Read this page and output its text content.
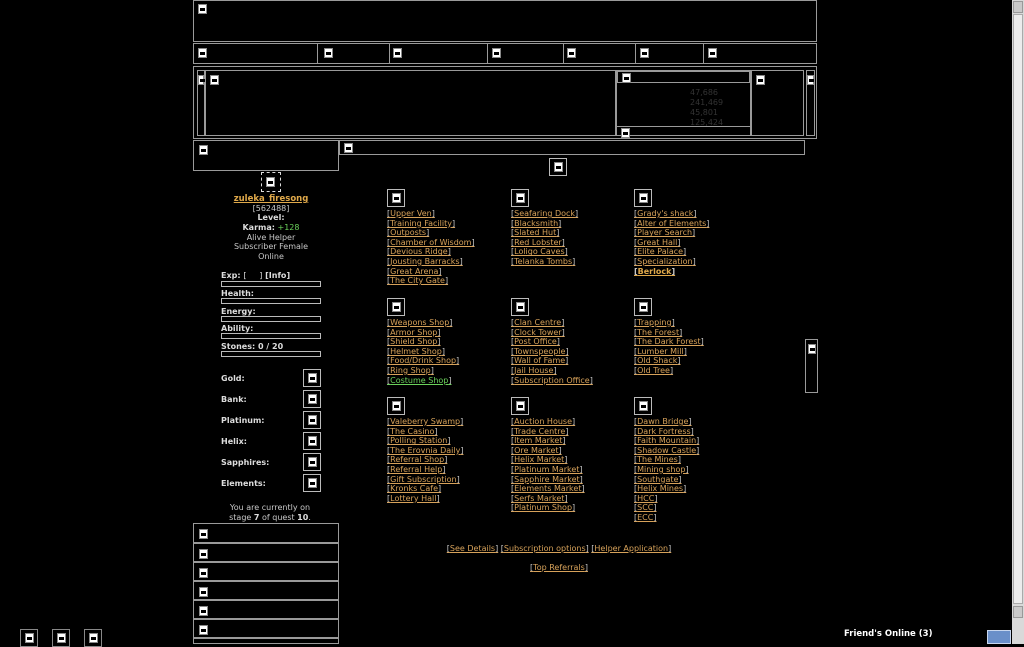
47,686
241,469
45,801
125,424
zuleka_firesong
[562488]
Level:
Karma: +128
Alive Helper
Subscriber Female
Online
Exp: [     ] [Info]
Health:
Energy:
Ability:
Stones: 0 / 20
Gold:
Bank:
Platinum:
Helix:
Sapphires:
Elements:
You are currently on stage 7 of quest 10.
[ Upper Ven ]
[ Training Facility ]
[ Outposts ]
[ Chamber of Wisdom ]
[ Devious Ridge ]
[ Jousting Barracks ]
[ Great Arena ]
[ The City Gate ]
[ Seafaring Dock ]
[ Blacksmith ]
[ Slated Hut ]
[ Red Lobster ]
[ Loligo Caves ]
[ Telanka Tombs ]
[ Grady's shack ]
[ Alter of Elements ]
[ Player Search ]
[ Great Hall ]
[ Elite Palace ]
[ Specialization ]
[ Berlock ]
[ Weapons Shop ]
[ Armor Shop ]
[ Shield Shop ]
[ Helmet Shop ]
[ Food/Drink Shop ]
[ Ring Shop ]
[ Costume Shop ]
[ Clan Centre ]
[ Clock Tower ]
[ Post Office ]
[ Townspeople ]
[ Wall of Fame ]
[ Jail House ]
[ Subscription Office ]
[ Trapping ]
[ The Forest ]
[ The Dark Forest ]
[ Lumber Mill ]
[ Old Shack ]
[ Old Tree ]
[ Valeberry Swamp ]
[ The Casino ]
[ Polling Station ]
[ The Erovnia Daily ]
[ Referral Shop ]
[ Referral Help ]
[ Gift Subscription ]
[ Kronks Cafe ]
[ Lottery Hall ]
[ Auction House ]
[ Trade Centre ]
[ Item Market ]
[ Ore Market ]
[ Helix Market ]
[ Platinum Market ]
[ Sapphire Market ]
[ Elements Market ]
[ Serfs Market ]
[ Platinum Shop ]
[ Dawn Bridge ]
[ Dark Fortress ]
[ Faith Mountain ]
[ Shadow Castle ]
[ The Mines ]
[ Mining shop ]
[ Southgate ]
[ Helix Mines ]
[ HCC ]
[ SCC ]
[ ECC ]
[ See Details ] [ Subscription options ] [ Helper Application ]
[ Top Referrals ]
Friend's Online (3)
